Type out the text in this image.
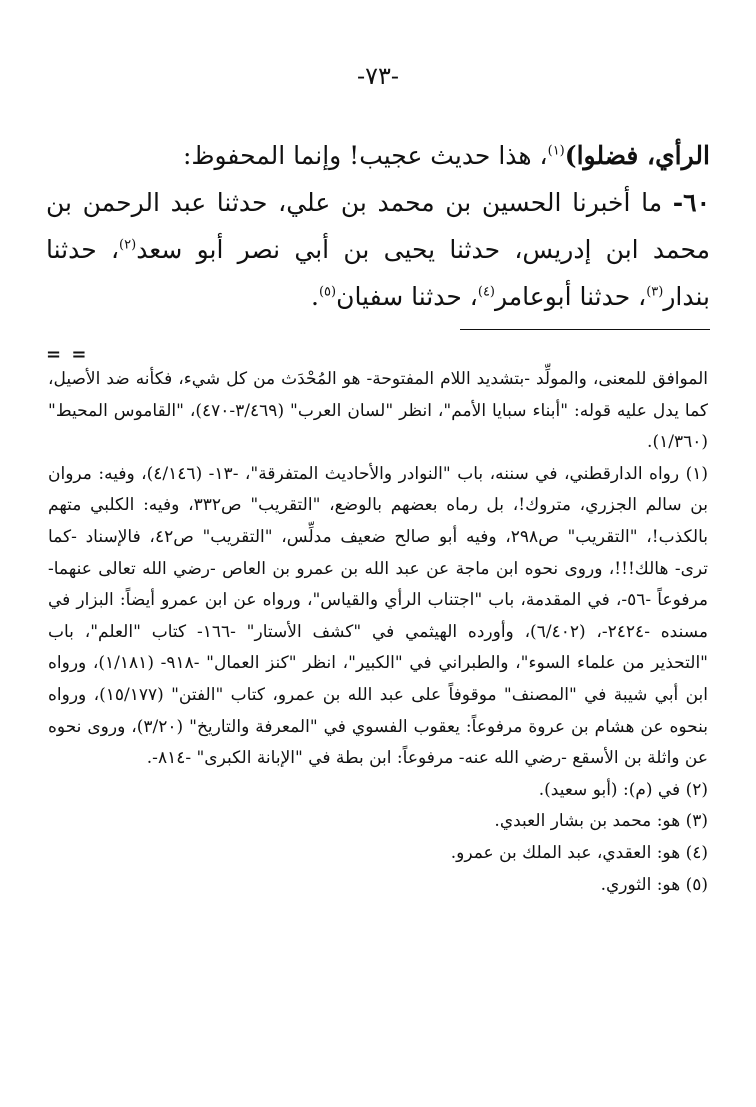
-٧٣-

الرأي، فضلوا)$^{(١)}$، هذا حديث عجيب! وإنما المحفوظ:

٦٠- ما أخبرنا الحسين بن محمد بن علي، حدثنا عبد الرحمن بن محمد ابن إدريس، حدثنا يحيى بن أبي نصر أبو سعد$^{(٢)}$، حدثنا بندار$^{(٣)}$، حدثنا أبوعامر$^{(٤)}$، حدثنا سفيان$^{(٥)}$.

= =

الموافق للمعنى، والمولِّد -بتشديد اللام المفتوحة- هو المُحْدَث من كل شيء، فكأنه ضد الأصيل، كما يدل عليه قوله: "أبناء سبايا الأمم"، انظر "لسان العرب" (٣/٤٦٩-٤٧٠)، "القاموس المحيط" (١/٣٦٠).

(١) رواه الدارقطني، في سننه، باب "النوادر والأحاديث المتفرقة"، -١٣- (٤/١٤٦)، وفيه: مروان بن سالم الجزري، متروك!، بل رماه بعضهم بالوضع، "التقريب" ص٣٣٢، وفيه: الكلبي متهم بالكذب!، "التقريب" ص٢٩٨، وفيه أبو صالح ضعيف مدلِّس، "التقريب" ص٤٢، فالإسناد -كما ترى- هالك!!!، وروى نحوه ابن ماجة عن عبد الله بن عمرو بن العاص -رضي الله تعالى عنهما- مرفوعاً -٥٦-، في المقدمة، باب "اجتناب الرأي والقياس"، ورواه عن ابن عمرو أيضاً: البزار في مسنده -٢٤٢٤-، (٦/٤٠٢)، وأورده الهيثمي في "كشف الأستار" -١٦٦- كتاب "العلم"، باب "التحذير من علماء السوء"، والطبراني في "الكبير"، انظر "كنز العمال" -٩١٨- (١/١٨١)، ورواه ابن أبي شيبة في "المصنف" موقوفاً على عبد الله بن عمرو، كتاب "الفتن" (١٥/١٧٧)، ورواه بنحوه عن هشام بن عروة مرفوعاً: يعقوب الفسوي في "المعرفة والتاريخ" (٣/٢٠)، وروى نحوه عن واثلة بن الأسقع -رضي الله عنه- مرفوعاً: ابن بطة في "الإبانة الكبرى" -٨١٤-.

(٢) في (م): (أبو سعيد).

(٣) هو: محمد بن بشار العبدي.

(٤) هو: العقدي، عبد الملك بن عمرو.

(٥) هو: الثوري.
